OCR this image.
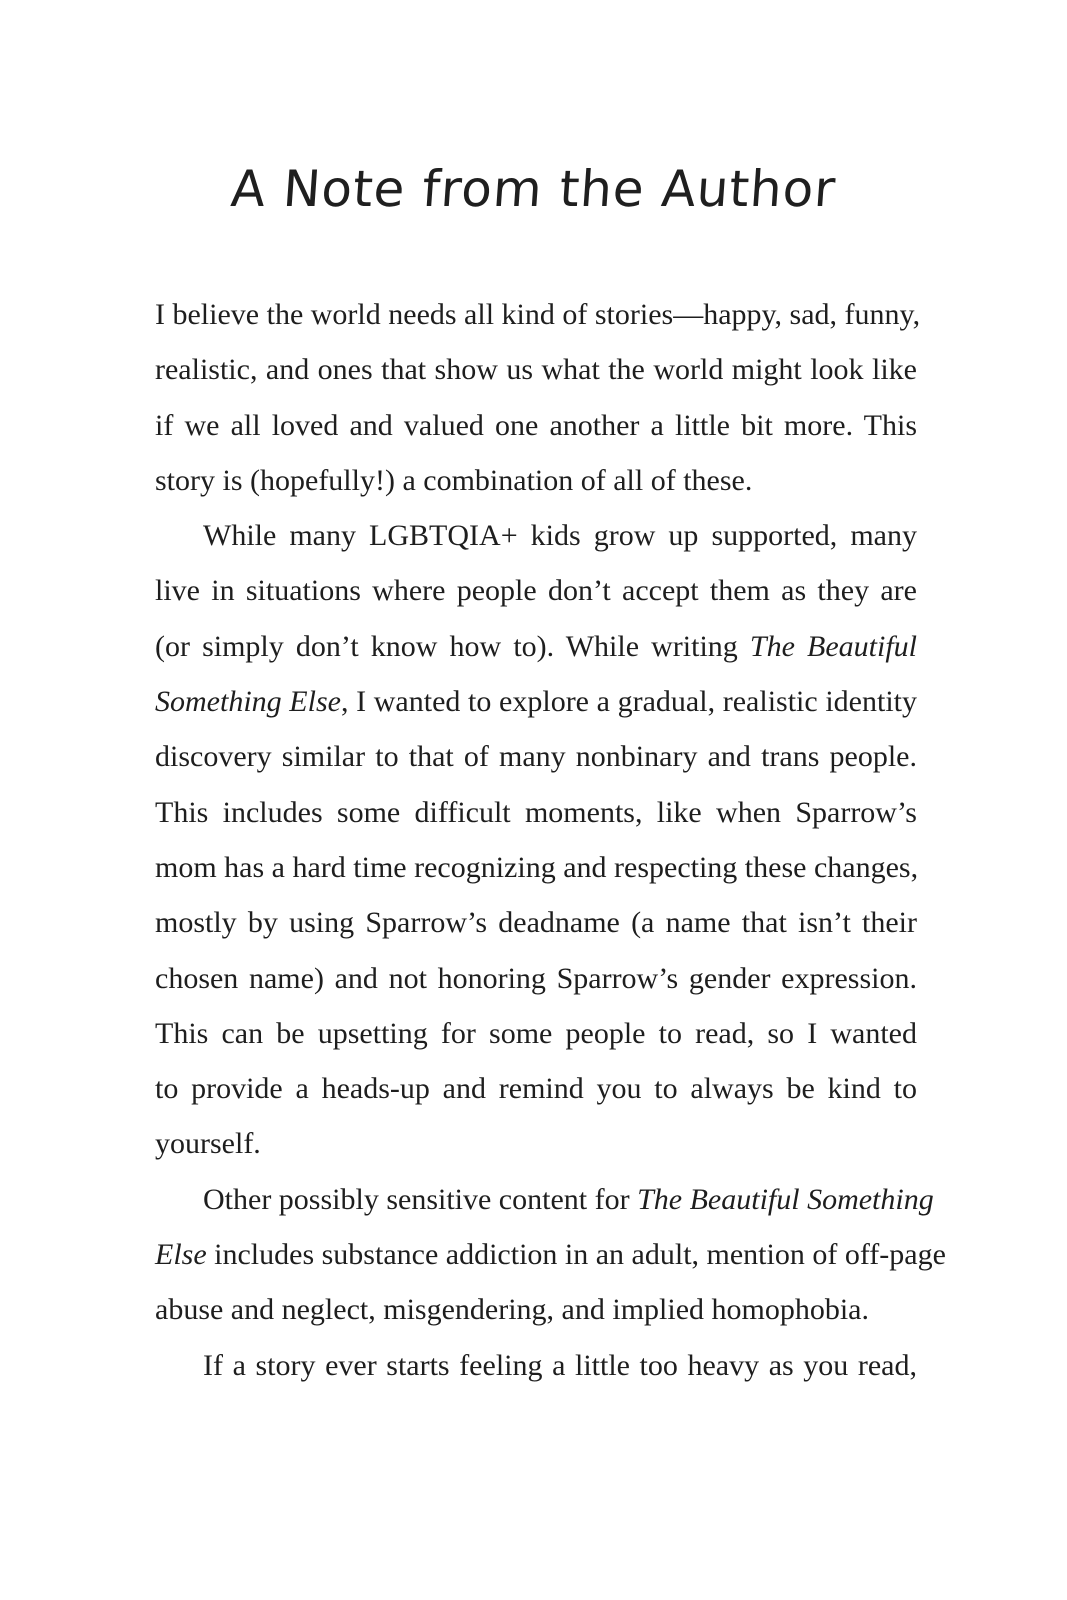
A Note from the Author
I believe the world needs all kind of stories—happy, sad, funny,
realistic, and ones that show us what the world might look like
if we all loved and valued one another a little bit more. This
story is (hopefully!) a combination of all of these.
While many LGBTQIA+ kids grow up supported, many
live in situations where people don’t accept them as they are
(or simply don’t know how to). While writing The Beautiful
Something Else, I wanted to explore a gradual, realistic identity
discovery similar to that of many nonbinary and trans people.
This includes some difficult moments, like when Sparrow’s
mom has a hard time recognizing and respecting these changes,
mostly by using Sparrow’s deadname (a name that isn’t their
chosen name) and not honoring Sparrow’s gender expression.
This can be upsetting for some people to read, so I wanted
to provide a heads-up and remind you to always be kind to
yourself.
Other possibly sensitive content for The Beautiful Something
Else includes substance addiction in an adult, mention of off-page
abuse and neglect, misgendering, and implied homophobia.
If a story ever starts feeling a little too heavy as you read,
